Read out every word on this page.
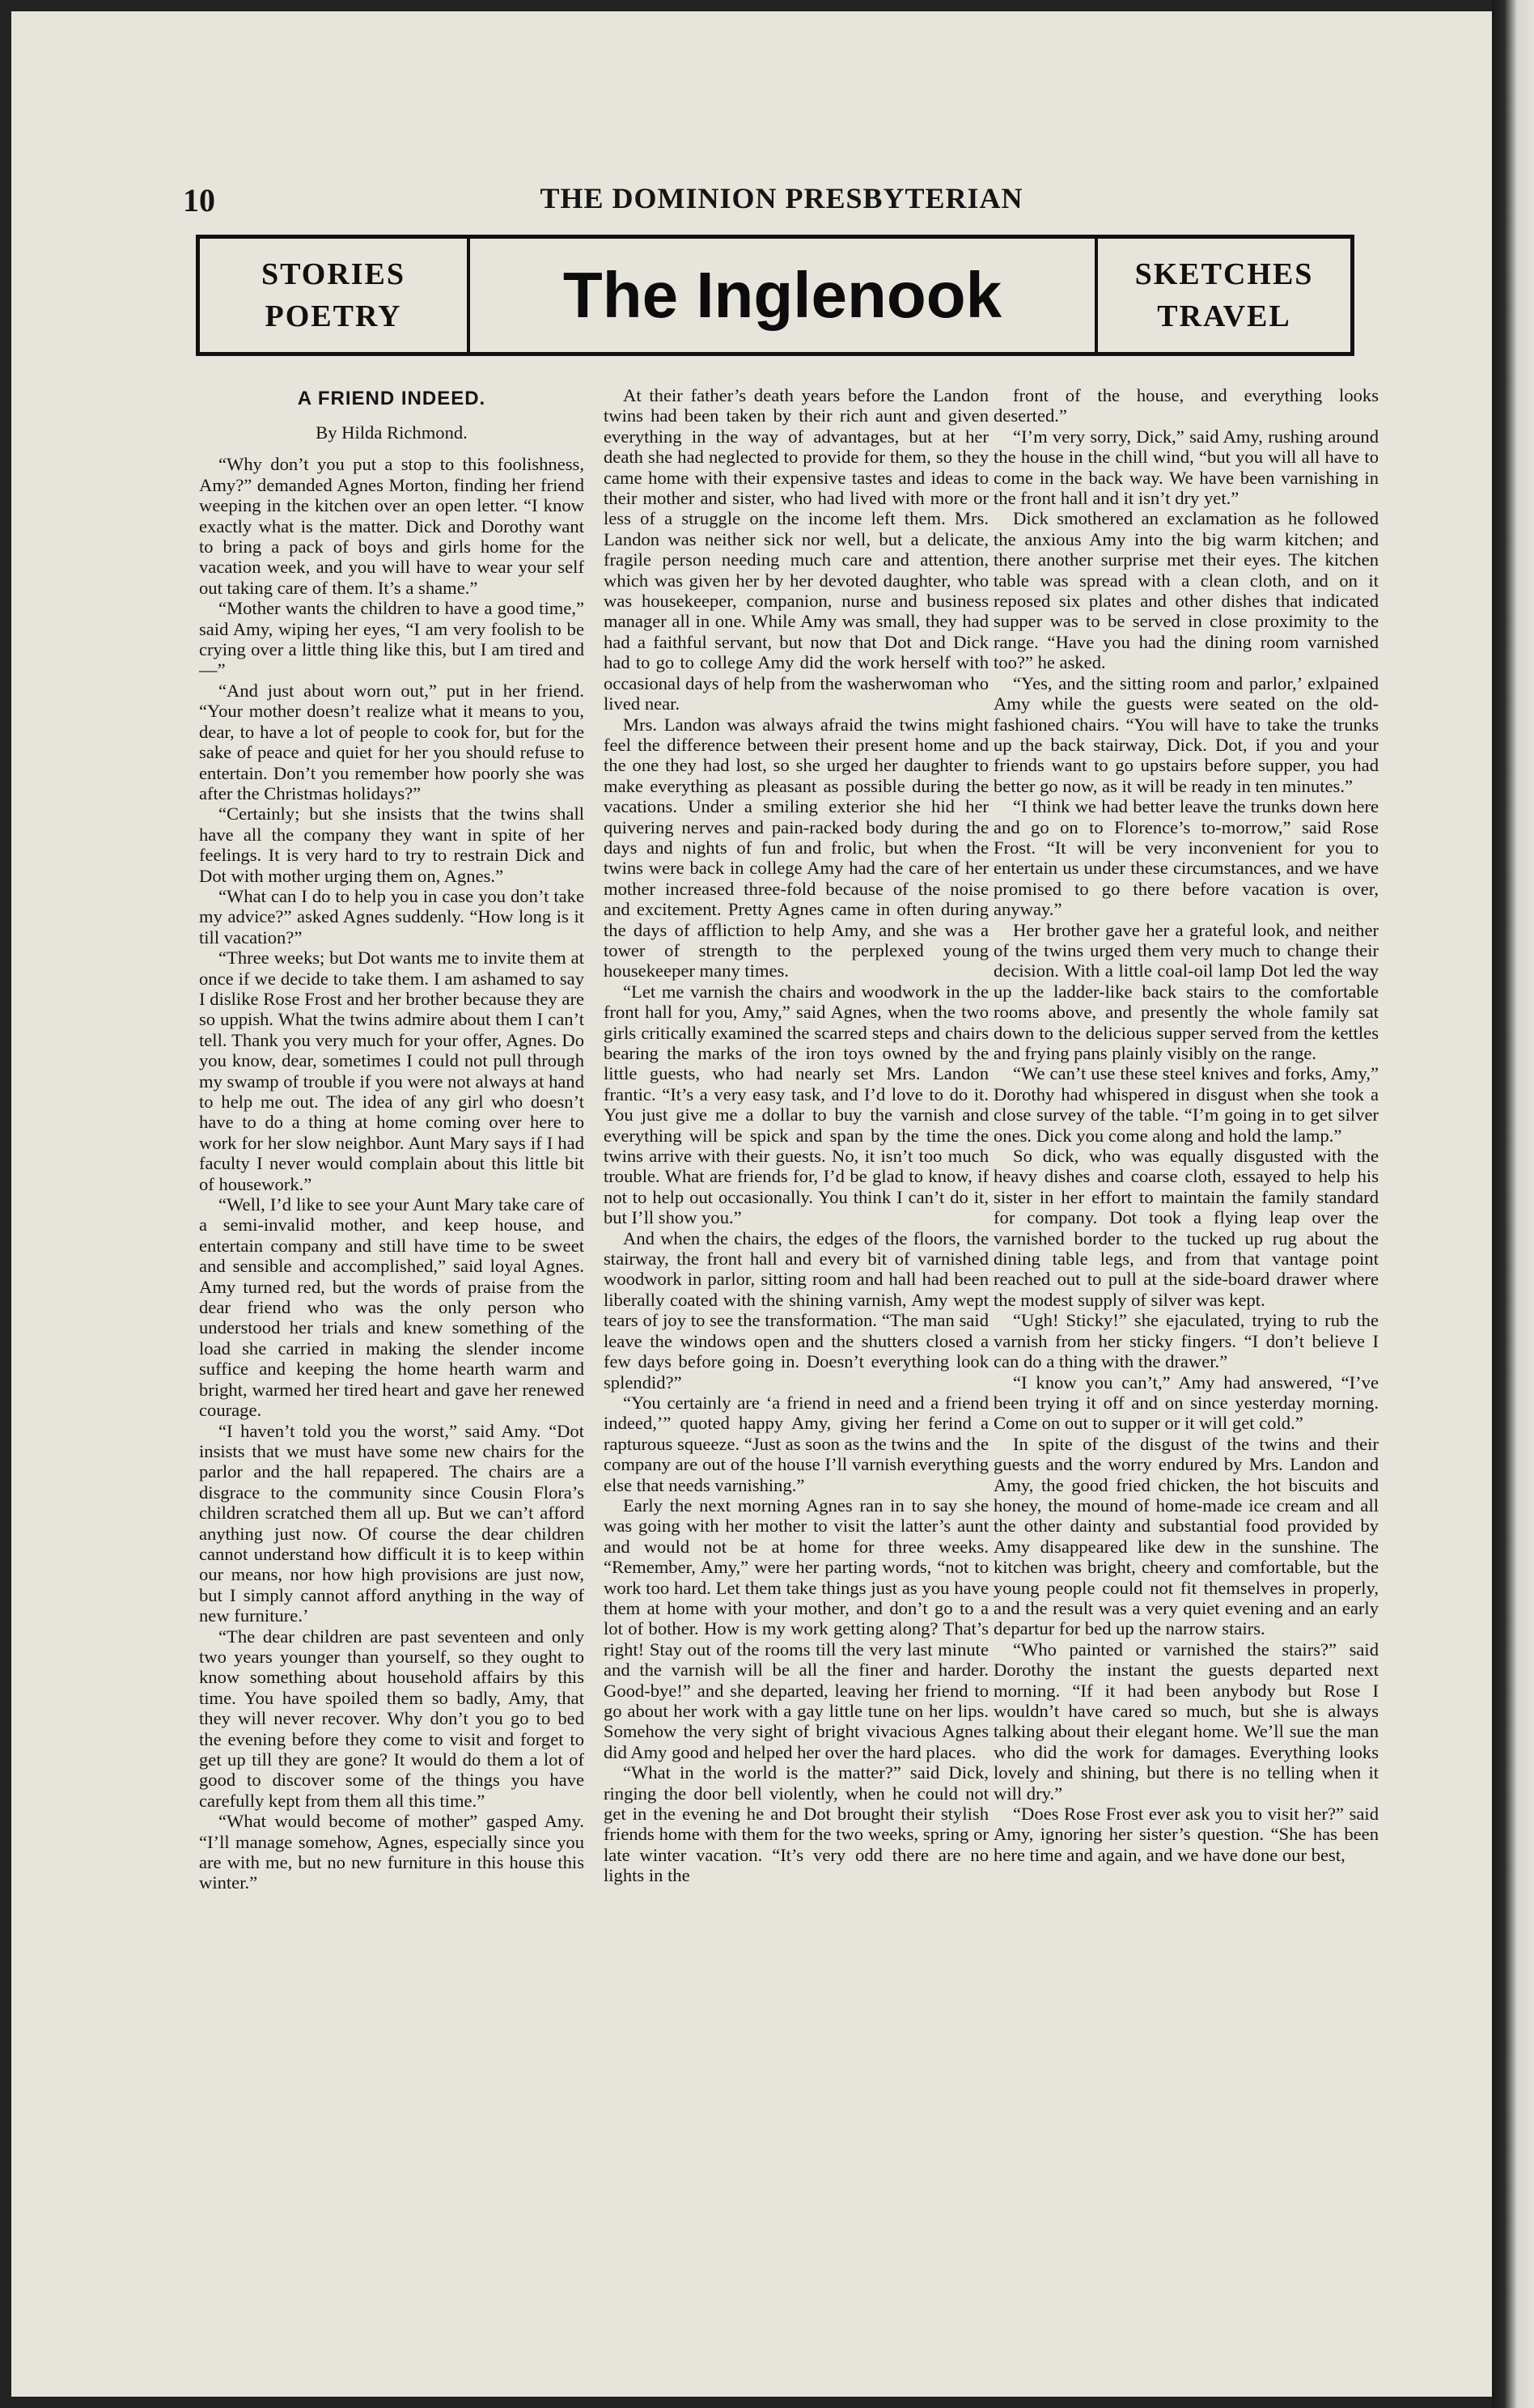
10	THE DOMINION PRESBYTERIAN
STORIES
POETRY	The Inglenook	SKETCHES
TRAVEL

A FRIEND INDEED.

By Hilda Richmond.

“Why don’t you put a stop to this foolishness, Amy?” demanded Agnes Morton, finding her friend weeping in the kitchen over an open letter. “I know exactly what is the matter. Dick and Dorothy want to bring a pack of boys and girls home for the vacation week, and you will have to wear your self out taking care of them. It’s a shame.”

“Mother wants the children to have a good time,” said Amy, wiping her eyes, “I am very foolish to be crying over a little thing like this, but I am tired and —”

“And just about worn out,” put in her friend. “Your mother doesn’t realize what it means to you, dear, to have a lot of people to cook for, but for the sake of peace and quiet for her you should refuse to entertain. Don’t you remember how poorly she was after the Christmas holidays?”

“Certainly; but she insists that the twins shall have all the company they want in spite of her feelings. It is very hard to try to restrain Dick and Dot with mother urging them on, Agnes.”

“What can I do to help you in case you don’t take my advice?” asked Agnes suddenly. “How long is it till vacation?”

“Three weeks; but Dot wants me to invite them at once if we decide to take them. I am ashamed to say I dislike Rose Frost and her brother because they are so uppish. What the twins admire about them I can’t tell. Thank you very much for your offer, Agnes. Do you know, dear, sometimes I could not pull through my swamp of trouble if you were not always at hand to help me out. The idea of any girl who doesn’t have to do a thing at home coming over here to work for her slow neighbor. Aunt Mary says if I had faculty I never would complain about this little bit of housework.”

“Well, I’d like to see your Aunt Mary take care of a semi-invalid mother, and keep house, and entertain company and still have time to be sweet and sensible and accomplished,” said loyal Agnes. Amy turned red, but the words of praise from the dear friend who was the only person who understood her trials and knew something of the load she carried in making the slender income suffice and keeping the home hearth warm and bright, warmed her tired heart and gave her renewed courage.

“I haven’t told you the worst,” said Amy. “Dot insists that we must have some new chairs for the parlor and the hall repapered. The chairs are a disgrace to the community since Cousin Flora’s children scratched them all up. But we can’t afford anything just now. Of course the dear children cannot understand how difficult it is to keep within our means, nor how high provisions are just now, but I simply cannot afford anything in the way of new furniture.’

“The dear children are past seventeen and only two years younger than yourself, so they ought to know something about household affairs by this time. You have spoiled them so badly, Amy, that they will never recover. Why don’t you go to bed the evening before they come to visit and forget to get up till they are gone? It would do them a lot of good to discover some of the things you have carefully kept from them all this time.”

“What would become of mother” gasped Amy. “I’ll manage somehow, Agnes, especially since you are with me, but no new furniture in this house this winter.”

At their father’s death years before the Landon twins had been taken by their rich aunt and given everything in the way of advantages, but at her death she had neglected to provide for them, so they came home with their expensive tastes and ideas to their mother and sister, who had lived with more or less of a struggle on the income left them. Mrs. Landon was neither sick nor well, but a delicate, fragile person needing much care and attention, which was given her by her devoted daughter, who was housekeeper, companion, nurse and business manager all in one. While Amy was small, they had had a faithful servant, but now that Dot and Dick had to go to college Amy did the work herself with occasional days of help from the washerwoman who lived near.

Mrs. Landon was always afraid the twins might feel the difference between their present home and the one they had lost, so she urged her daughter to make everything as pleasant as possible during the vacations. Under a smiling exterior she hid her quivering nerves and pain-racked body during the days and nights of fun and frolic, but when the twins were back in college Amy had the care of her mother increased three-fold because of the noise and excitement. Pretty Agnes came in often during the days of affliction to help Amy, and she was a tower of strength to the perplexed young housekeeper many times.

“Let me varnish the chairs and woodwork in the front hall for you, Amy,” said Agnes, when the two girls critically examined the scarred steps and chairs bearing the marks of the iron toys owned by the little guests, who had nearly set Mrs. Landon frantic. “It’s a very easy task, and I’d love to do it. You just give me a dollar to buy the varnish and everything will be spick and span by the time the twins arrive with their guests. No, it isn’t too much trouble. What are friends for, I’d be glad to know, if not to help out occasionally. You think I can’t do it, but I’ll show you.”

And when the chairs, the edges of the floors, the stairway, the front hall and every bit of varnished woodwork in parlor, sitting room and hall had been liberally coated with the shining varnish, Amy wept tears of joy to see the transformation. “The man said leave the windows open and the shutters closed a few days before going in. Doesn’t everything look splendid?”

“You certainly are ‘a friend in need and a friend indeed,’” quoted happy Amy, giving her ferind a rapturous squeeze. “Just as soon as the twins and the company are out of the house I’ll varnish everything else that needs varnishing.”

Early the next morning Agnes ran in to say she was going with her mother to visit the latter’s aunt and would not be at home for three weeks. “Remember, Amy,” were her parting words, “not to work too hard. Let them take things just as you have them at home with your mother, and don’t go to a lot of bother. How is my work getting along? That’s right! Stay out of the rooms till the very last minute and the varnish will be all the finer and harder. Good-bye!” and she departed, leaving her friend to go about her work with a gay little tune on her lips. Somehow the very sight of bright vivacious Agnes did Amy good and helped her over the hard places.

“What in the world is the matter?” said Dick, ringing the door bell violently, when he could not get in the evening he and Dot brought their stylish friends home with them for the two weeks, spring or late winter vacation. “It’s very odd there are no lights in the

front of the house, and everything looks deserted.”

“I’m very sorry, Dick,” said Amy, rushing around the house in the chill wind, “but you will all have to come in the back way. We have been varnishing in the front hall and it isn’t dry yet.”

Dick smothered an exclamation as he followed the anxious Amy into the big warm kitchen; and there another surprise met their eyes. The kitchen table was spread with a clean cloth, and on it reposed six plates and other dishes that indicated supper was to be served in close proximity to the range. “Have you had the dining room varnished too?” he asked.

“Yes, and the sitting room and parlor,’ exlpained Amy while the guests were seated on the old-fashioned chairs. “You will have to take the trunks up the back stairway, Dick. Dot, if you and your friends want to go upstairs before supper, you had better go now, as it will be ready in ten minutes.”

“I think we had better leave the trunks down here and go on to Florence’s to-morrow,” said Rose Frost. “It will be very inconvenient for you to entertain us under these circumstances, and we have promised to go there before vacation is over, anyway.”

Her brother gave her a grateful look, and neither of the twins urged them very much to change their decision. With a little coal-oil lamp Dot led the way up the ladder-like back stairs to the comfortable rooms above, and presently the whole family sat down to the delicious supper served from the kettles and frying pans plainly visibly on the range.

“We can’t use these steel knives and forks, Amy,” Dorothy had whispered in disgust when she took a close survey of the table. “I’m going in to get silver ones. Dick you come along and hold the lamp.”

So dick, who was equally disgusted with the heavy dishes and coarse cloth, essayed to help his sister in her effort to maintain the family standard for company. Dot took a flying leap over the varnished border to the tucked up rug about the dining table legs, and from that vantage point reached out to pull at the side-board drawer where the modest supply of silver was kept.

“Ugh! Sticky!” she ejaculated, trying to rub the varnish from her sticky fingers. “I don’t believe I can do a thing with the drawer.”

“I know you can’t,” Amy had answered, “I’ve been trying it off and on since yesterday morning. Come on out to supper or it will get cold.”

In spite of the disgust of the twins and their guests and the worry endured by Mrs. Landon and Amy, the good fried chicken, the hot biscuits and honey, the mound of home-made ice cream and all the other dainty and substantial food provided by Amy disappeared like dew in the sunshine. The kitchen was bright, cheery and comfortable, but the young people could not fit themselves in properly, and the result was a very quiet evening and an early departur for bed up the narrow stairs.

“Who painted or varnished the stairs?” said Dorothy the instant the guests departed next morning. “If it had been anybody but Rose I wouldn’t have cared so much, but she is always talking about their elegant home. We’ll sue the man who did the work for damages. Everything looks lovely and shining, but there is no telling when it will dry.”

“Does Rose Frost ever ask you to visit her?” said Amy, ignoring her sister’s question. “She has been here time and again, and we have done our best,
